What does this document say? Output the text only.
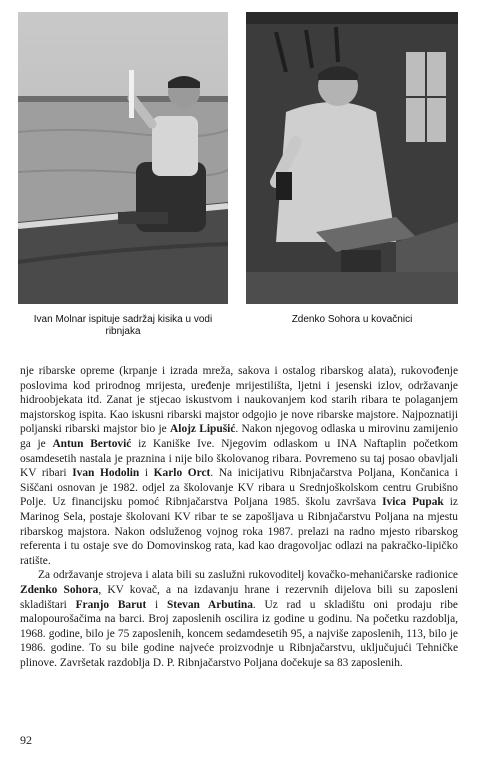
Ivan Molnar ispituje sadržaj kisika u vodi ribnjaka
Zdenko Sohora u kovačnici

nje ribarske opreme (krpanje i izrada mreža, sakova i ostalog ribarskog alata), rukovođenje poslovima kod prirodnog mrijesta, uređenje mrijestilišta, ljetni i jesenski izlov, održavanje hidroobjekata itd. Zanat je stjecao iskustvom i naukovanjem kod starih ribara te polaganjem majstorskog ispita. Kao iskusni ribarski majstor odgojio je nove ribarske majstore. Najpoznatiji poljanski ribarski majstor bio je Alojz Lipušić. Nakon njegovog odlaska u mirovinu zamijenio ga je Antun Bertović iz Kaniške Ive. Njegovim odlaskom u INA Naftaplin početkom osamdesetih nastala je praznina i nije bilo školovanog ribara. Povremeno su taj posao obavljali KV ribari Ivan Hodolin i Karlo Orct. Na inicijativu Ribnjačarstva Poljana, Končanica i Siščani osnovan je 1982. odjel za školovanje KV ribara u Srednjoškolskom centru Grubišno Polje. Uz financijsku pomoć Ribnjačarstva Poljana 1985. školu završava Ivica Pupak iz Marinog Sela, postaje školovani KV ribar te se zapošljava u Ribnjačarstvu Poljana na mjestu ribarskog majstora. Nakon odsluženog vojnog roka 1987. prelazi na radno mjesto ribarskog referenta i tu ostaje sve do Domovinskog rata, kad kao dragovoljac odlazi na pakračko-lipičko ratište.

Za održavanje strojeva i alata bili su zaslužni rukovoditelj kovačko-mehaničarske radionice Zdenko Sohora, KV kovač, a na izdavanju hrane i rezervnih dijelova bili su zaposleni skladištari Franjo Barut i Stevan Arbutina. Uz rad u skladištu oni prodaju ribe malopourošačima na barci. Broj zaposlenih oscilira iz godine u godinu. Na početku razdoblja, 1968. godine, bilo je 75 zaposlenih, koncem sedamdesetih 95, a najviše zaposlenih, 113, bilo je 1986. godine. To su bile godine najveće proizvodnje u Ribnjačarstvu, uključujući Tehničke plinove. Završetak razdoblja D. P. Ribnjačarstvo Poljana dočekuje sa 83 zaposlenih.

92
